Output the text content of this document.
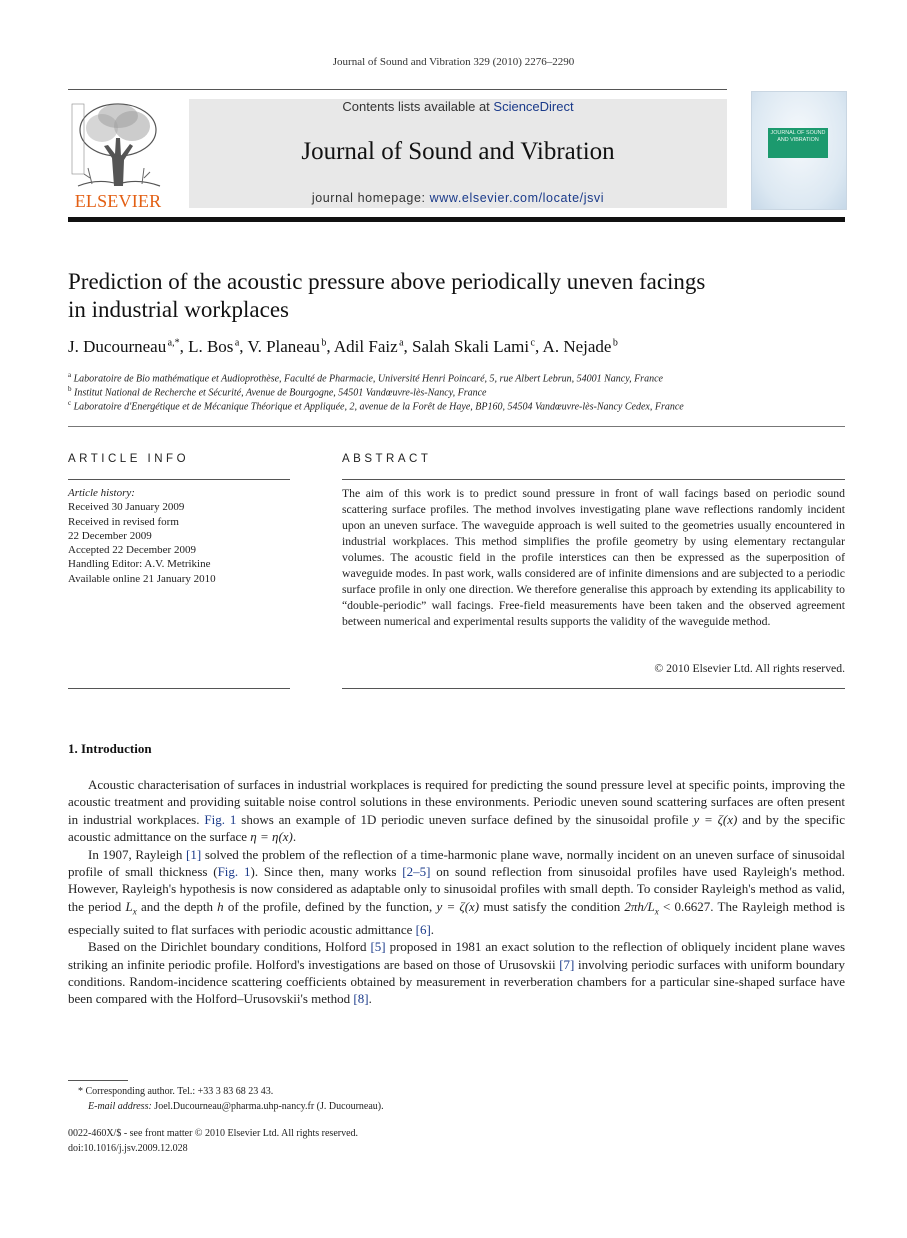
Journal of Sound and Vibration 329 (2010) 2276–2290
ELSEVIER
Contents lists available at ScienceDirect
Journal of Sound and Vibration
journal homepage: www.elsevier.com/locate/jsvi
JOURNAL OF SOUND AND VIBRATION
Prediction of the acoustic pressure above periodically uneven facings
in industrial workplaces
J. Ducourneau $^{a,*}$, L. Bos $^a$, V. Planeau $^b$, Adil Faiz $^a$, Salah Skali Lami $^c$, A. Nejade $^b$
$^a$ Laboratoire de Bio mathématique et Audioprothèse, Faculté de Pharmacie, Université Henri Poincaré, 5, rue Albert Lebrun, 54001 Nancy, France
$^b$ Institut National de Recherche et Sécurité, Avenue de Bourgogne, 54501 Vandœuvre-lès-Nancy, France
$^c$ Laboratoire d'Energétique et de Mécanique Théorique et Appliquée, 2, avenue de la Forêt de Haye, BP160, 54504 Vandœuvre-lès-Nancy Cedex, France
ARTICLE INFO
Article history:
Received 30 January 2009
Received in revised form
22 December 2009
Accepted 22 December 2009
Handling Editor: A.V. Metrikine
Available online 21 January 2010
ABSTRACT
The aim of this work is to predict sound pressure in front of wall facings based on periodic sound scattering surface profiles. The method involves investigating plane wave reflections randomly incident upon an uneven surface. The waveguide approach is well suited to the geometries usually encountered in industrial workplaces. This method simplifies the profile geometry by using elementary rectangular volumes. The acoustic field in the profile interstices can then be expressed as the superposition of waveguide modes. In past work, walls considered are of infinite dimensions and are subjected to a periodic surface profile in only one direction. We therefore generalise this approach by extending its applicability to “double-periodic” wall facings. Free-field measurements have been taken and the observed agreement between numerical and experimental results supports the validity of the waveguide method.
© 2010 Elsevier Ltd. All rights reserved.
1. Introduction

Acoustic characterisation of surfaces in industrial workplaces is required for predicting the sound pressure level at specific points, improving the acoustic treatment and providing suitable noise control solutions in these environments. Periodic uneven sound scattering surfaces are often present in industrial workplaces. Fig. 1 shows an example of 1D periodic uneven surface defined by the sinusoidal profile y = ζ(x) and by the specific acoustic admittance on the surface η = η(x).

In 1907, Rayleigh [1] solved the problem of the reflection of a time-harmonic plane wave, normally incident on an uneven surface of sinusoidal profile of small thickness (Fig. 1). Since then, many works [2–5] on sound reflection from sinusoidal profiles have used Rayleigh's method. However, Rayleigh's hypothesis is now considered as adaptable only to sinusoidal profiles with small depth. To consider Rayleigh's method as valid, the period $L_x$ and the depth h of the profile, defined by the function, y = ζ(x) must satisfy the condition $2\pi h/L_x < 0.6627$. The Rayleigh method is especially suited to flat surfaces with periodic acoustic admittance [6].

Based on the Dirichlet boundary conditions, Holford [5] proposed in 1981 an exact solution to the reflection of obliquely incident plane waves striking an infinite periodic profile. Holford's investigations are based on those of Urusovskii [7] involving periodic surfaces with uniform boundary conditions. Random-incidence scattering coefficients obtained by measurement in reverberation chambers for a particular sine-shaped surface have been compared with the Holford–Urusovskii's method [8].

* Corresponding author. Tel.: +33 3 83 68 23 43.
E-mail address: Joel.Ducourneau@pharma.uhp-nancy.fr (J. Ducourneau).
0022-460X/$ - see front matter © 2010 Elsevier Ltd. All rights reserved.
doi:10.1016/j.jsv.2009.12.028
